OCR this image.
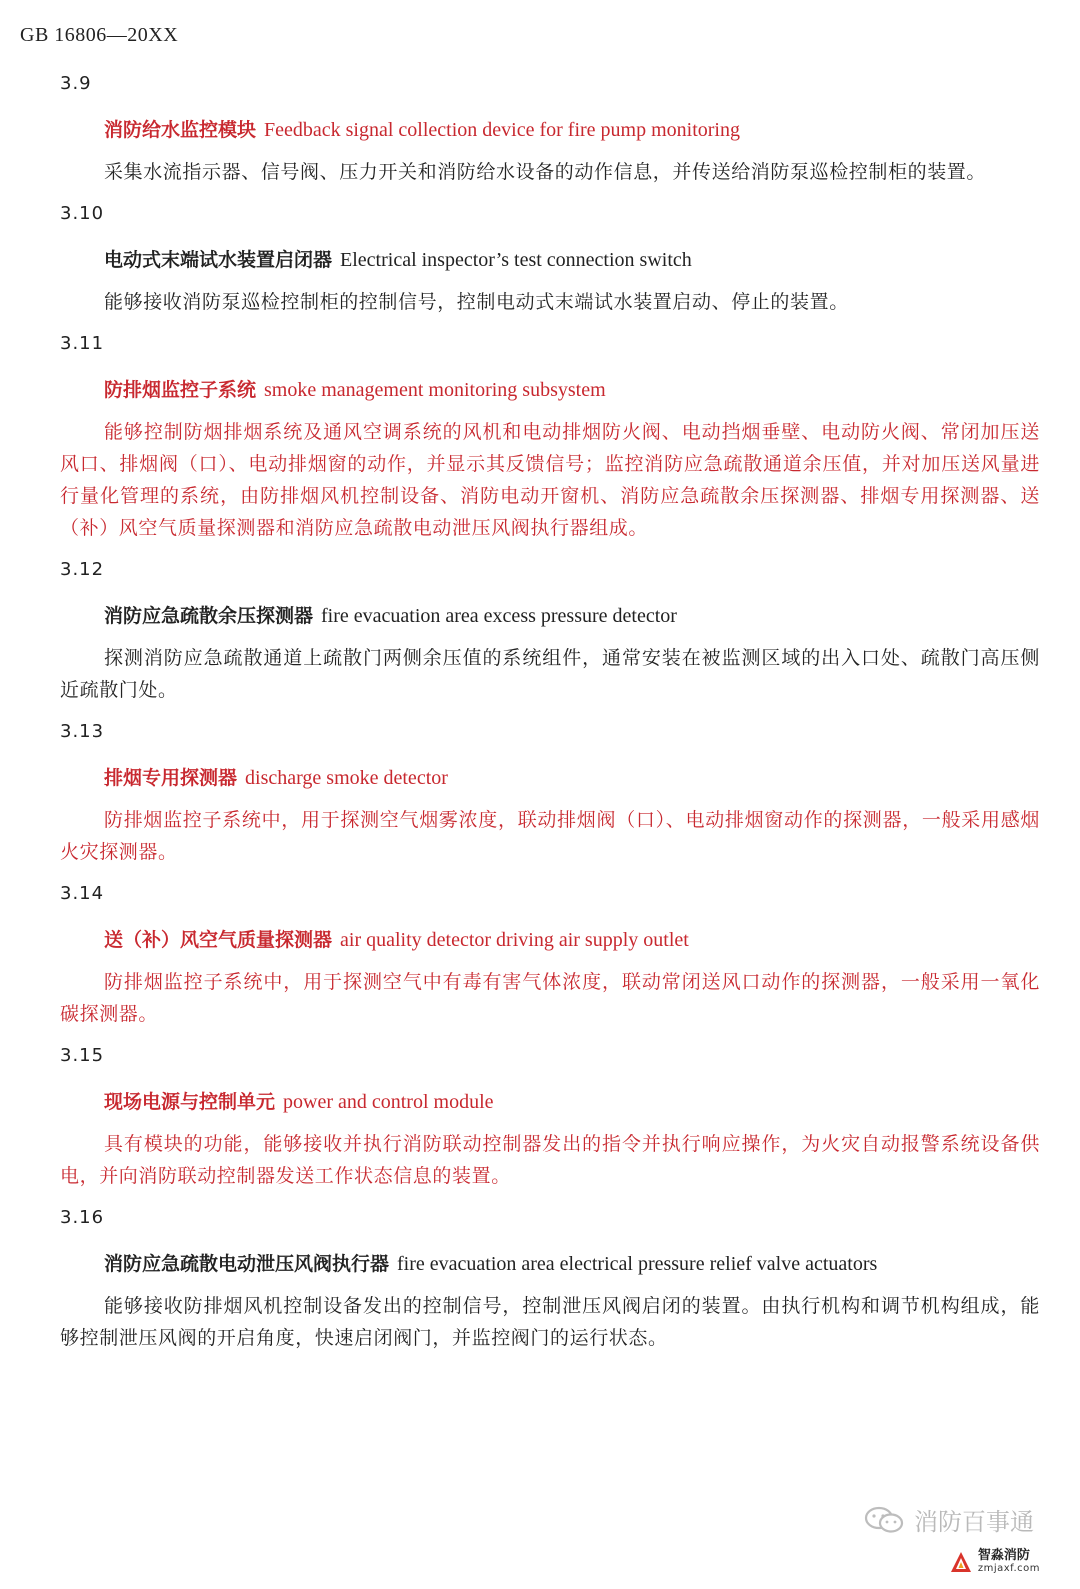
GB 16806—20XX
3.9
消防给水监控模块 Feedback signal collection device for fire pump monitoring
采集水流指示器、信号阀、压力开关和消防给水设备的动作信息，并传送给消防泵巡检控制柜的装置。
3.10
电动式末端试水装置启闭器 Electrical inspector’s test connection switch
能够接收消防泵巡检控制柜的控制信号，控制电动式末端试水装置启动、停止的装置。
3.11
防排烟监控子系统 smoke management monitoring subsystem
能够控制防烟排烟系统及通风空调系统的风机和电动排烟防火阀、电动挡烟垂壁、电动防火阀、常闭加压送风口、排烟阀（口）、电动排烟窗的动作，并显示其反馈信号；监控消防应急疏散通道余压值，并对加压送风量进行量化管理的系统，由防排烟风机控制设备、消防电动开窗机、消防应急疏散余压探测器、排烟专用探测器、送（补）风空气质量探测器和消防应急疏散电动泄压风阀执行器组成。
3.12
消防应急疏散余压探测器 fire evacuation area excess pressure detector
探测消防应急疏散通道上疏散门两侧余压值的系统组件，通常安装在被监测区域的出入口处、疏散门高压侧近疏散门处。
3.13
排烟专用探测器 discharge smoke detector
防排烟监控子系统中，用于探测空气烟雾浓度，联动排烟阀（口）、电动排烟窗动作的探测器，一般采用感烟火灾探测器。
3.14
送（补）风空气质量探测器 air quality detector driving air supply outlet
防排烟监控子系统中，用于探测空气中有毒有害气体浓度，联动常闭送风口动作的探测器，一般采用一氧化碳探测器。
3.15
现场电源与控制单元 power and control module
具有模块的功能，能够接收并执行消防联动控制器发出的指令并执行响应操作，为火灾自动报警系统设备供电，并向消防联动控制器发送工作状态信息的装置。
3.16
消防应急疏散电动泄压风阀执行器 fire evacuation area electrical pressure relief valve actuators
能够接收防排烟风机控制设备发出的控制信号，控制泄压风阀启闭的装置。由执行机构和调节机构组成，能够控制泄压风阀的开启角度，快速启闭阀门，并监控阀门的运行状态。
消防百事通
智淼消防
zmjaxf.com
